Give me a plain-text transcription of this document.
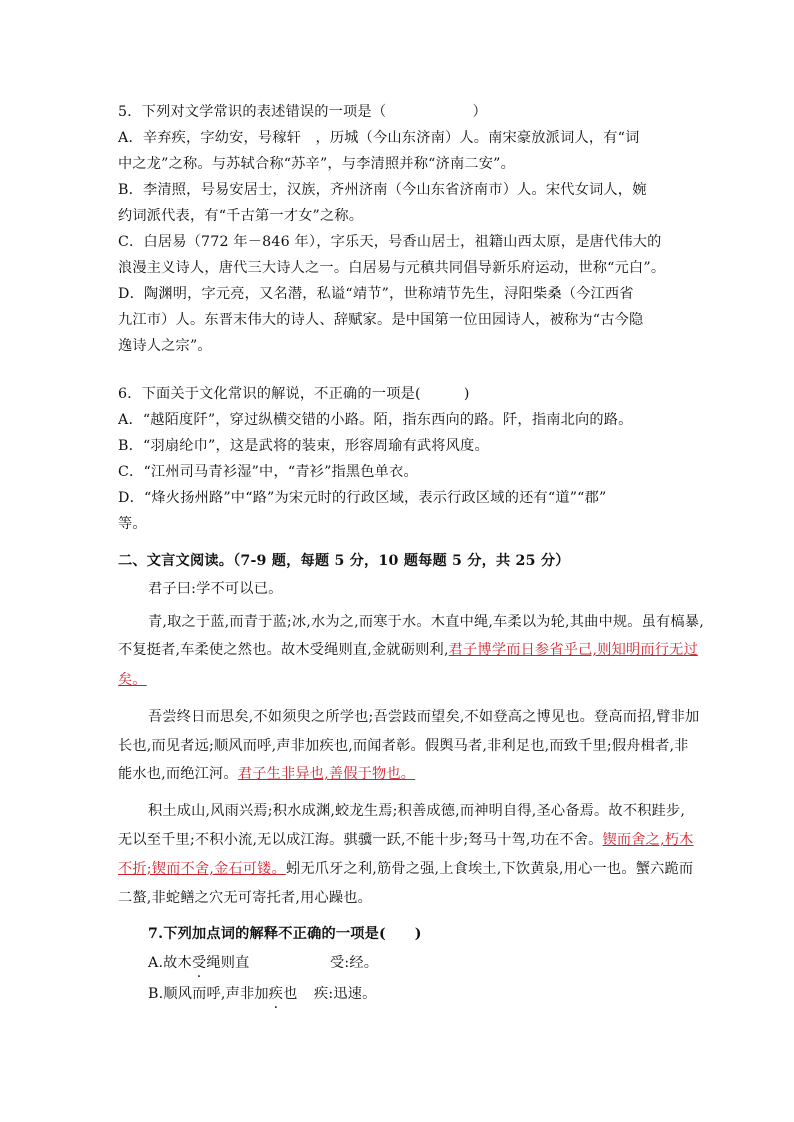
5．下列对文学常识的表述错误的一项是（　　　　　　）
A．辛弃疾，字幼安，号稼轩　，历城（今山东济南）人。南宋豪放派词人，有“词
中之龙”之称。与苏轼合称“苏辛”，与李清照并称“济南二安”。
B．李清照，号易安居士，汉族，齐州济南（今山东省济南市）人。宋代女词人，婉
约词派代表，有“千古第一才女”之称。
C．白居易（772 年－846 年），字乐天，号香山居士，祖籍山西太原，是唐代伟大的
浪漫主义诗人，唐代三大诗人之一。白居易与元稹共同倡导新乐府运动，世称“元白”。
D．陶渊明，字元亮，又名潜，私谥“靖节”，世称靖节先生，浔阳柴桑（今江西省
九江市）人。东晋末伟大的诗人、辞赋家。是中国第一位田园诗人，被称为“古今隐
逸诗人之宗”。
6．下面关于文化常识的解说，不正确的一项是(　　　)
A．“越陌度阡”，穿过纵横交错的小路。陌，指东西向的路。阡，指南北向的路。
B．“羽扇纶巾”，这是武将的装束，形容周瑜有武将风度。
C．“江州司马青衫湿”中，“青衫”指黑色单衣。
D．“烽火扬州路”中“路”为宋元时的行政区域，表示行政区域的还有“道”“郡”
等。
二、文言文阅读。（7-9 题，每题 5 分，10 题每题 5 分，共 25 分）
君子曰:学不可以已。
青,取之于蓝,而青于蓝;冰,水为之,而寒于水。木直中绳,车柔以为轮,其曲中规。虽有槁暴,
不复挺者,车柔使之然也。故木受绳则直,金就砺则利,君子博学而日参省乎己,则知明而行无过
矣。
吾尝终日而思矣,不如须臾之所学也;吾尝跂而望矣,不如登高之博见也。登高而招,臂非加
长也,而见者远;顺风而呼,声非加疾也,而闻者彰。假舆马者,非利足也,而致千里;假舟楫者,非
能水也,而绝江河。君子生非异也,善假于物也。
积土成山,风雨兴焉;积水成渊,蛟龙生焉;积善成德,而神明自得,圣心备焉。故不积跬步,
无以至千里;不积小流,无以成江海。骐骥一跃,不能十步;驽马十驾,功在不舍。锲而舍之,朽木
不折;锲而不舍,金石可镂。蚓无爪牙之利,筋骨之强,上食埃土,下饮黄泉,用心一也。蟹六跪而
二螯,非蛇鳝之穴无可寄托者,用心躁也。
7.下列加点词的解释不正确的一项是(　　)
A.故木受绳则直	受:经。
B.顺风而呼,声非加疾也 疾:迅速。
